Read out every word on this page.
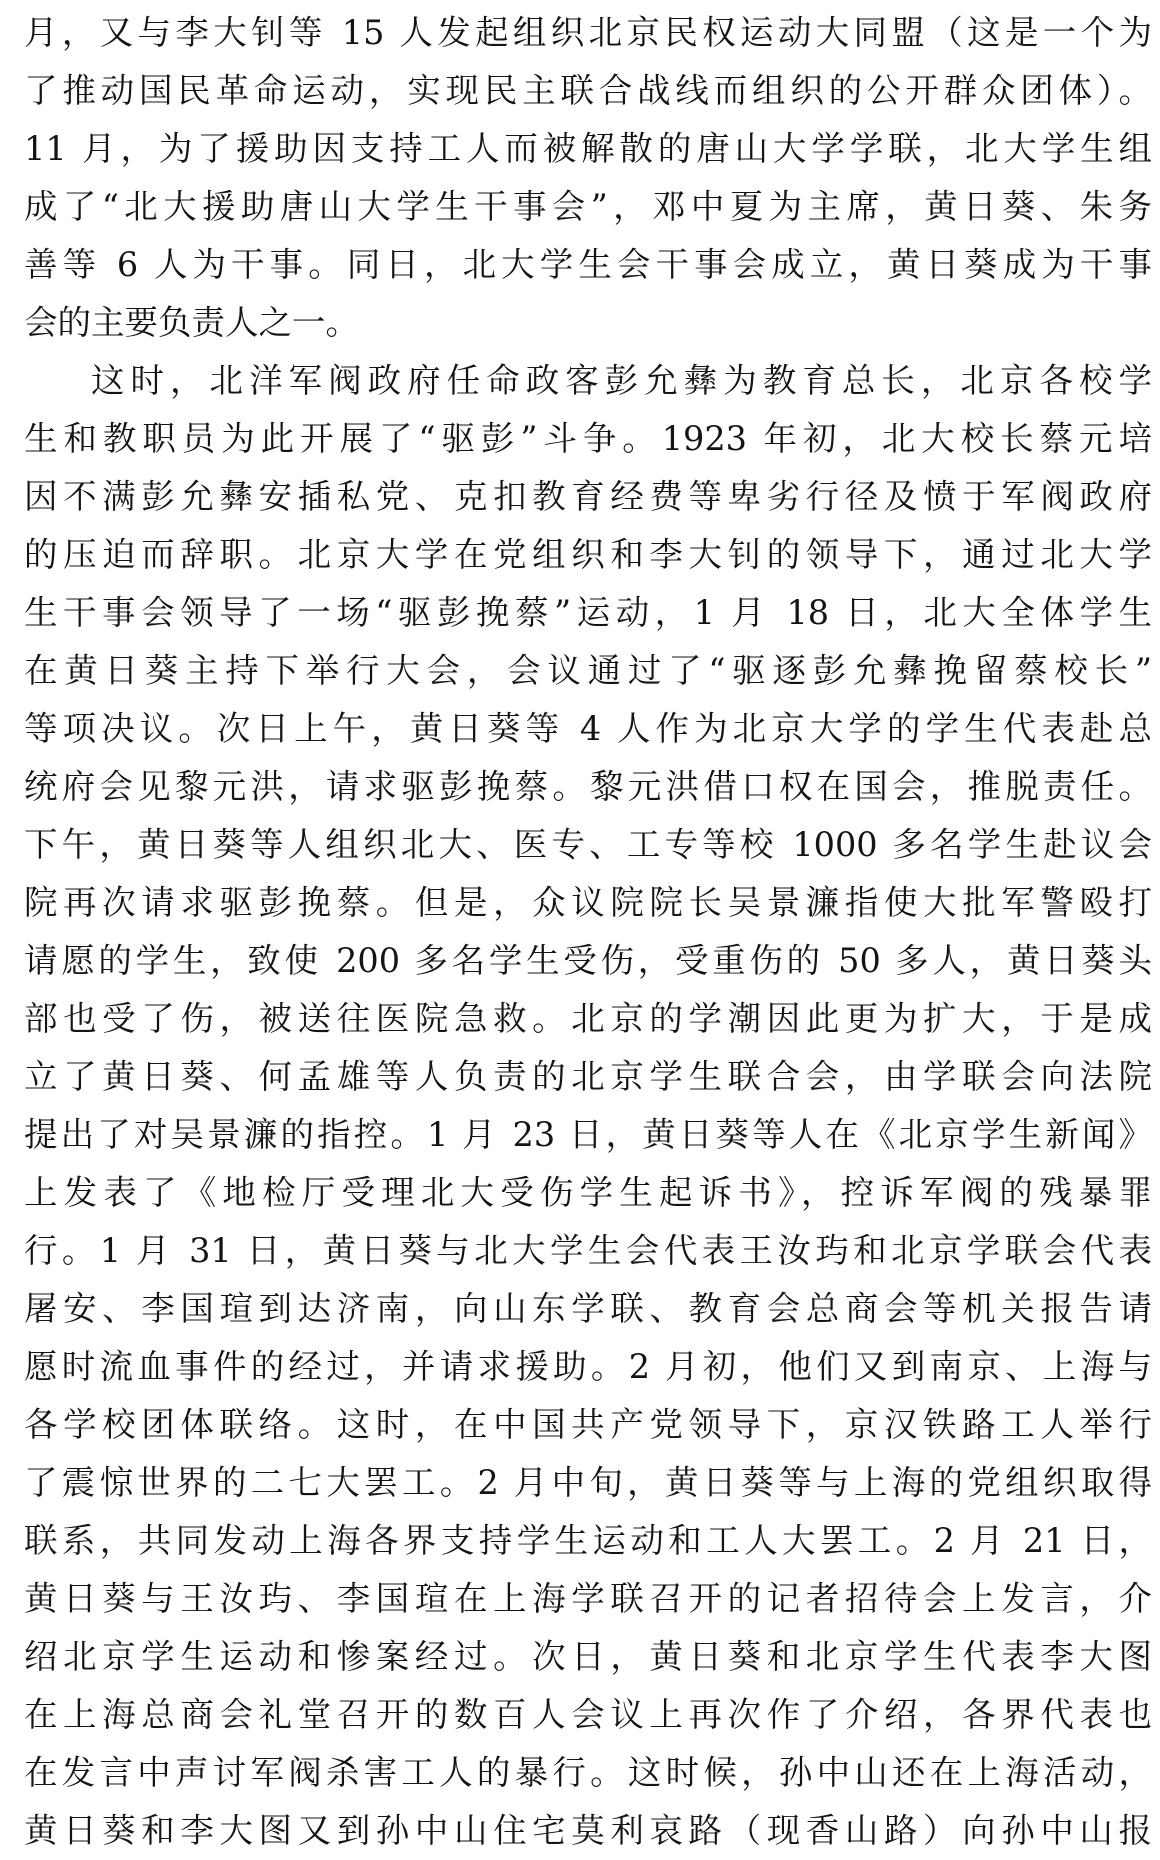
月，又与李大钊等 15 人发起组织北京民权运动大同盟（这是一个为
了推动国民革命运动，实现民主联合战线而组织的公开群众团体）。
11 月，为了援助因支持工人而被解散的唐山大学学联，北大学生组
成了“北大援助唐山大学生干事会”，邓中夏为主席，黄日葵、朱务
善等 6 人为干事。同日，北大学生会干事会成立，黄日葵成为干事
会的主要负责人之一。
这时，北洋军阀政府任命政客彭允彝为教育总长，北京各校学
生和教职员为此开展了“驱彭”斗争。1923 年初，北大校长蔡元培
因不满彭允彝安插私党、克扣教育经费等卑劣行径及愤于军阀政府
的压迫而辞职。北京大学在党组织和李大钊的领导下，通过北大学
生干事会领导了一场“驱彭挽蔡”运动，1 月 18 日，北大全体学生
在黄日葵主持下举行大会，会议通过了“驱逐彭允彝挽留蔡校长”
等项决议。次日上午，黄日葵等 4 人作为北京大学的学生代表赴总
统府会见黎元洪，请求驱彭挽蔡。黎元洪借口权在国会，推脱责任。
下午，黄日葵等人组织北大、医专、工专等校 1000 多名学生赴议会
院再次请求驱彭挽蔡。但是，众议院院长吴景濂指使大批军警殴打
请愿的学生，致使 200 多名学生受伤，受重伤的 50 多人，黄日葵头
部也受了伤，被送往医院急救。北京的学潮因此更为扩大，于是成
立了黄日葵、何孟雄等人负责的北京学生联合会，由学联会向法院
提出了对吴景濂的指控。1 月 23 日，黄日葵等人在《北京学生新闻》
上发表了《地检厅受理北大受伤学生起诉书》，控诉军阀的残暴罪
行。1 月 31 日，黄日葵与北大学生会代表王汝玙和北京学联会代表
屠安、李国瑄到达济南，向山东学联、教育会总商会等机关报告请
愿时流血事件的经过，并请求援助。2 月初，他们又到南京、上海与
各学校团体联络。这时，在中国共产党领导下，京汉铁路工人举行
了震惊世界的二七大罢工。2 月中旬，黄日葵等与上海的党组织取得
联系，共同发动上海各界支持学生运动和工人大罢工。2 月 21 日，
黄日葵与王汝玙、李国瑄在上海学联召开的记者招待会上发言，介
绍北京学生运动和惨案经过。次日，黄日葵和北京学生代表李大图
在上海总商会礼堂召开的数百人会议上再次作了介绍，各界代表也
在发言中声讨军阀杀害工人的暴行。这时候，孙中山还在上海活动，
黄日葵和李大图又到孙中山住宅莫利哀路（现香山路）向孙中山报
